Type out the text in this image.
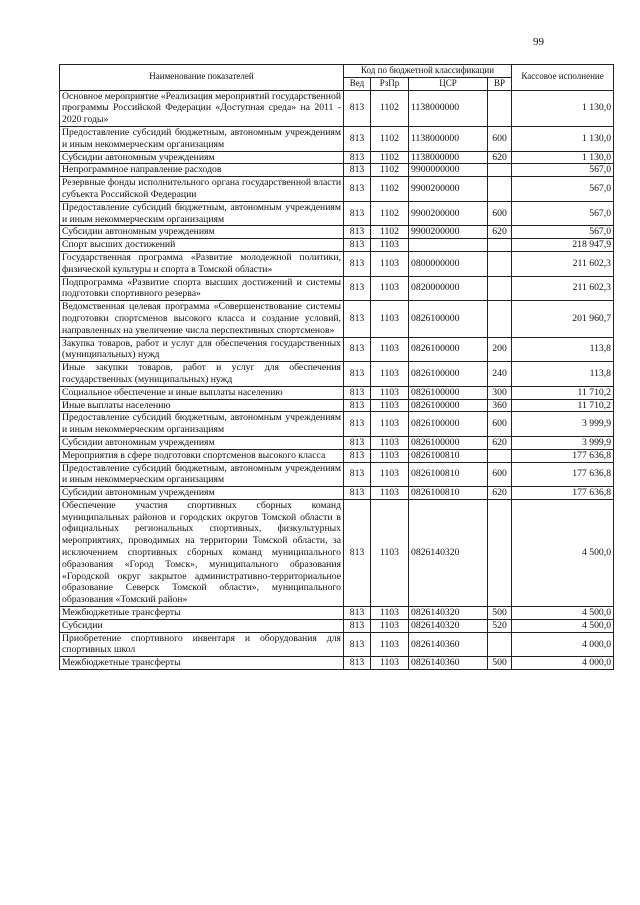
99
Наименование показателей	Код по бюджетной классификации				Кассовое исполнение
	Вед	РзПр	ЦСР	ВР	
Основное мероприятие «Реализация мероприятий государственной программы Российской Федерации «Доступная среда» на 2011 - 2020 годы»	813	1102	1138000000		1 130,0
Предоставление субсидий бюджетным, автономным учреждениям и иным некоммерческим организациям	813	1102	1138000000	600	1 130,0
Субсидии автономным учреждениям	813	1102	1138000000	620	1 130,0
Непрограммное направление расходов	813	1102	9900000000		567,0
Резервные фонды исполнительного органа государственной власти субъекта Российской Федерации	813	1102	9900200000		567,0
Предоставление субсидий бюджетным, автономным учреждениям и иным некоммерческим организациям	813	1102	9900200000	600	567,0
Субсидии автономным учреждениям	813	1102	9900200000	620	567,0
Спорт высших достижений	813	1103			218 947,9
Государственная программа «Развитие молодежной политики, физической культуры и спорта в Томской области»	813	1103	0800000000		211 602,3
Подпрограмма «Развитие спорта высших достижений и системы подготовки спортивного резерва»	813	1103	0820000000		211 602,3
Ведомственная целевая программа «Совершенствование системы подготовки спортсменов высокого класса и создание условий, направленных на увеличение числа перспективных спортсменов»	813	1103	0826100000		201 960,7
Закупка товаров, работ и услуг для обеспечения государственных (муниципальных) нужд	813	1103	0826100000	200	113,8
Иные закупки товаров, работ и услуг для обеспечения государственных (муниципальных) нужд	813	1103	0826100000	240	113,8
Социальное обеспечение и иные выплаты населению	813	1103	0826100000	300	11 710,2
Иные выплаты населению	813	1103	0826100000	360	11 710,2
Предоставление субсидий бюджетным, автономным учреждениям и иным некоммерческим организациям	813	1103	0826100000	600	3 999,9
Субсидии автономным учреждениям	813	1103	0826100000	620	3 999,9
Мероприятия в сфере подготовки спортсменов высокого класса	813	1103	0826100810		177 636,8
Предоставление субсидий бюджетным, автономным учреждениям и иным некоммерческим организациям	813	1103	0826100810	600	177 636,8
Субсидии автономным учреждениям	813	1103	0826100810	620	177 636,8
Обеспечение участия спортивных сборных команд муниципальных районов и городских округов Томской области в официальных региональных спортивных, физкультурных мероприятиях, проводимых на территории Томской области, за исключением спортивных сборных команд муниципального образования «Город Томск», муниципального образования «Городской округ закрытое административно-территориальное образование Северск Томской области», муниципального образования «Томский район»	813	1103	0826140320		4 500,0
Межбюджетные трансферты	813	1103	0826140320	500	4 500,0
Субсидии	813	1103	0826140320	520	4 500,0
Приобретение спортивного инвентаря и оборудования для спортивных школ	813	1103	0826140360		4 000,0
Межбюджетные трансферты	813	1103	0826140360	500	4 000,0
